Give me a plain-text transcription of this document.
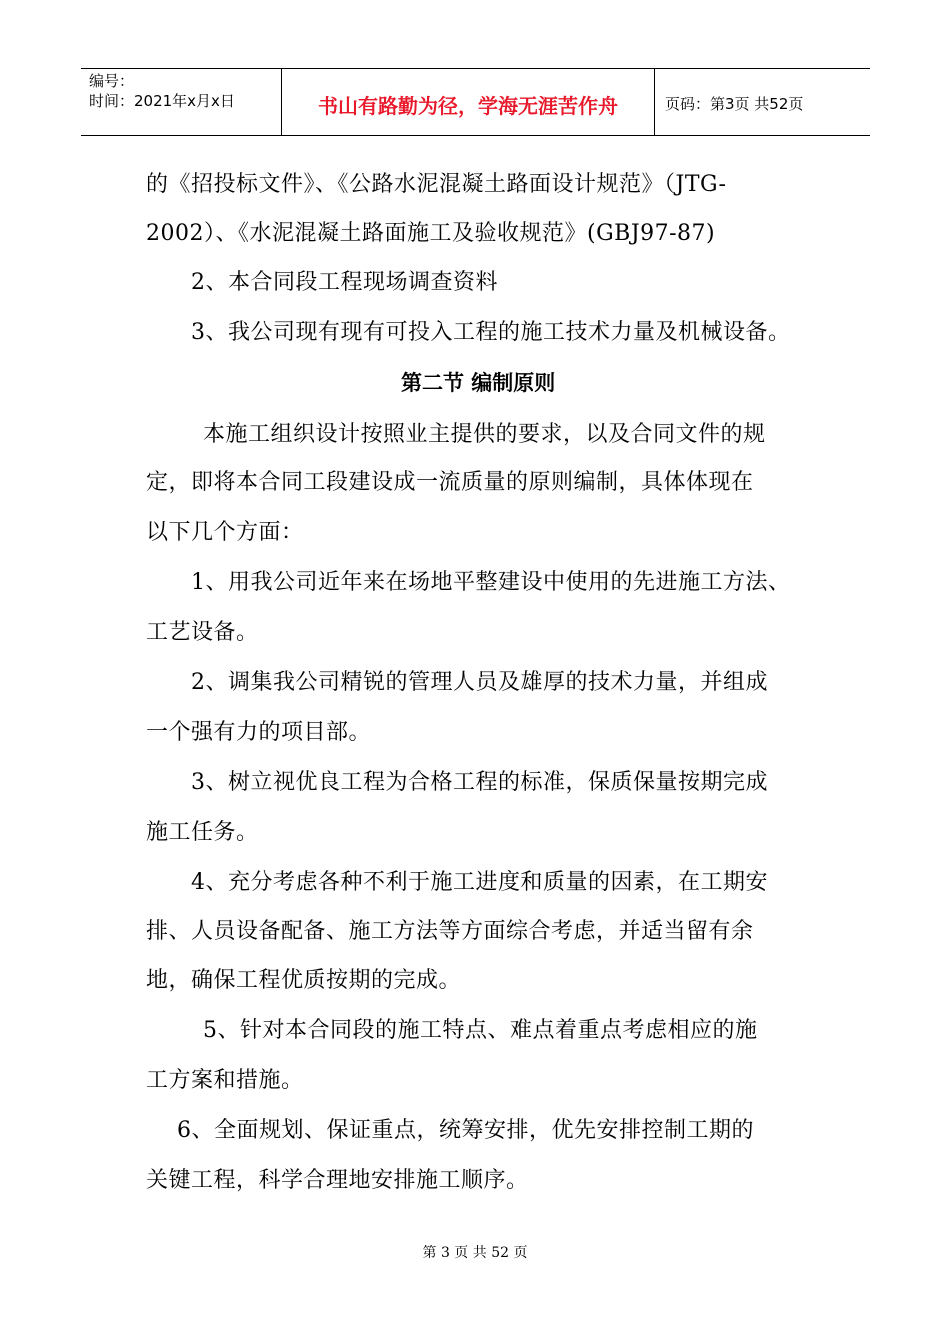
编号：
时间：2021年x月x日	书山有路勤为径，学海无涯苦作舟	页码：第3页 共52页
的《招投标文件》、《公路水泥混凝土路面设计规范》（JTG-
2002）、《水泥混凝土路面施工及验收规范》(GBJ97-87)
2、本合同段工程现场调查资料
3、我公司现有现有可投入工程的施工技术力量及机械设备。
第二节 编制原则
本施工组织设计按照业主提供的要求，以及合同文件的规
定，即将本合同工段建设成一流质量的原则编制，具体体现在
以下几个方面：
1、用我公司近年来在场地平整建设中使用的先进施工方法、
工艺设备。
2、调集我公司精锐的管理人员及雄厚的技术力量，并组成
一个强有力的项目部。
3、树立视优良工程为合格工程的标准，保质保量按期完成
施工任务。
4、充分考虑各种不利于施工进度和质量的因素，在工期安
排、人员设备配备、施工方法等方面综合考虑，并适当留有余
地，确保工程优质按期的完成。
5、针对本合同段的施工特点、难点着重点考虑相应的施
工方案和措施。
6、全面规划、保证重点，统筹安排，优先安排控制工期的
关键工程，科学合理地安排施工顺序。
第 3 页 共 52 页
